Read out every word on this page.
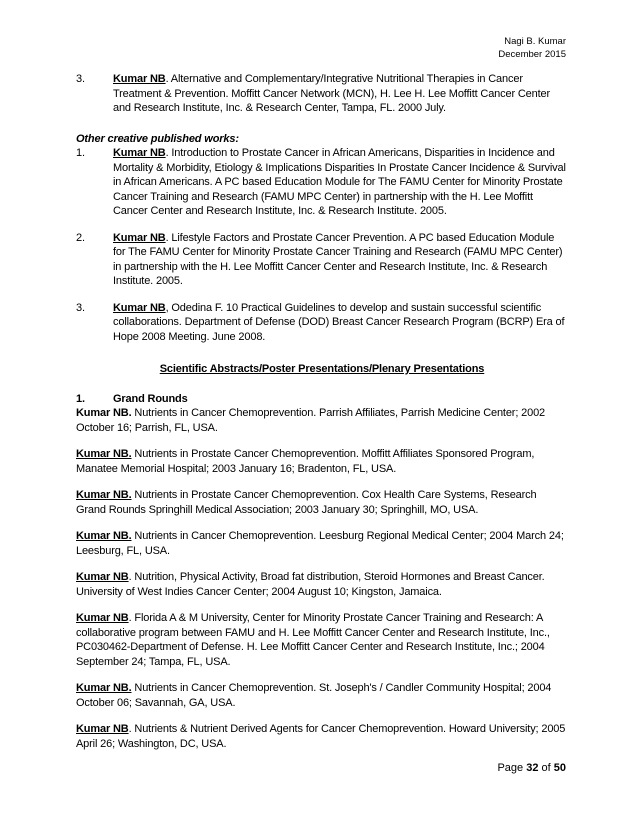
Nagi B. Kumar
December 2015
3.	Kumar NB. Alternative and Complementary/Integrative Nutritional Therapies in Cancer Treatment & Prevention. Moffitt Cancer Network (MCN), H. Lee H. Lee Moffitt Cancer Center and Research Institute, Inc. & Research Center, Tampa, FL. 2000 July.
Other creative published works:
1.	Kumar NB. Introduction to Prostate Cancer in African Americans, Disparities in Incidence and Mortality & Morbidity, Etiology & Implications Disparities In Prostate Cancer Incidence & Survival in African Americans. A PC based Education Module for The FAMU Center for Minority Prostate Cancer Training and Research (FAMU MPC Center) in partnership with the H. Lee Moffitt Cancer Center and Research Institute, Inc. & Research Institute. 2005.
2.	Kumar NB. Lifestyle Factors and Prostate Cancer Prevention. A PC based Education Module for The FAMU Center for Minority Prostate Cancer Training and Research (FAMU MPC Center) in partnership with the H. Lee Moffitt Cancer Center and Research Institute, Inc. & Research Institute. 2005.
3.	Kumar NB, Odedina F. 10 Practical Guidelines to develop and sustain successful scientific collaborations. Department of Defense (DOD) Breast Cancer Research Program (BCRP) Era of Hope 2008 Meeting. June 2008.
Scientific Abstracts/Poster Presentations/Plenary Presentations
1.	Grand Rounds
Kumar NB. Nutrients in Cancer Chemoprevention. Parrish Affiliates, Parrish Medicine Center; 2002 October 16; Parrish, FL, USA.
Kumar NB. Nutrients in Prostate Cancer Chemoprevention. Moffitt Affiliates Sponsored Program, Manatee Memorial Hospital; 2003 January 16; Bradenton, FL, USA.
Kumar NB. Nutrients in Prostate Cancer Chemoprevention. Cox Health Care Systems, Research Grand Rounds Springhill Medical Association; 2003 January 30; Springhill, MO, USA.
Kumar NB. Nutrients in Cancer Chemoprevention. Leesburg Regional Medical Center; 2004 March 24; Leesburg, FL, USA.
Kumar NB. Nutrition, Physical Activity, Broad fat distribution, Steroid Hormones and Breast Cancer. University of West Indies Cancer Center; 2004 August 10; Kingston, Jamaica.
Kumar NB. Florida A & M University, Center for Minority Prostate Cancer Training and Research: A collaborative program between FAMU and H. Lee Moffitt Cancer Center and Research Institute, Inc., PC030462-Department of Defense. H. Lee Moffitt Cancer Center and Research Institute, Inc.; 2004 September 24; Tampa, FL, USA.
Kumar NB. Nutrients in Cancer Chemoprevention. St. Joseph's / Candler Community Hospital; 2004 October 06; Savannah, GA, USA.
Kumar NB. Nutrients & Nutrient Derived Agents for Cancer Chemoprevention. Howard University; 2005 April 26; Washington, DC, USA.
Page 32 of 50
